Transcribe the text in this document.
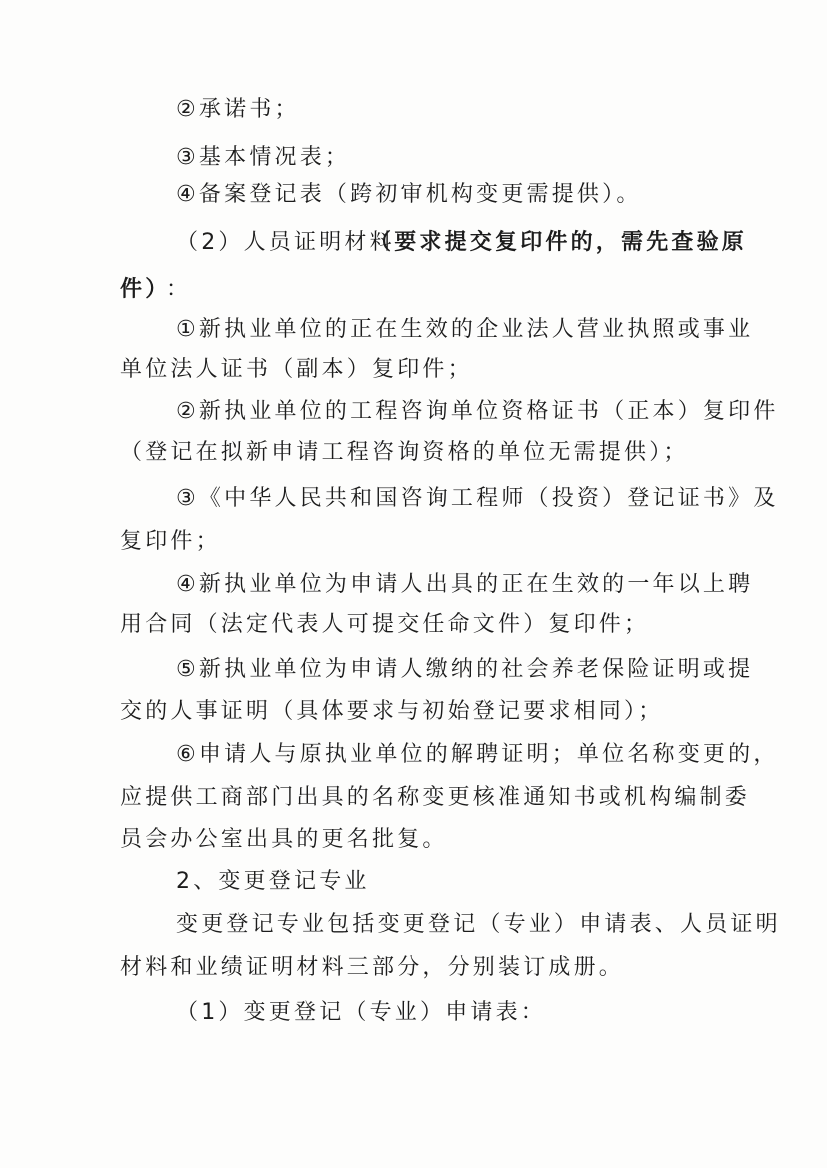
②承诺书；
③基本情况表；
④备案登记表（跨初审机构变更需提供）。
（2）人员证明材料
（要求提交复印件的，需先查验原
件）
：
①新执业单位的正在生效的企业法人营业执照或事业
单位法人证书（副本）复印件；
②新执业单位的工程咨询单位资格证书（正本）复印件
（登记在拟新申请工程咨询资格的单位无需提供）；
③《中华人民共和国咨询工程师（投资）登记证书》及
复印件；
④新执业单位为申请人出具的正在生效的一年以上聘
用合同（法定代表人可提交任命文件）复印件；
⑤新执业单位为申请人缴纳的社会养老保险证明或提
交的人事证明（具体要求与初始登记要求相同）；
⑥申请人与原执业单位的解聘证明；单位名称变更的，
应提供工商部门出具的名称变更核准通知书或机构编制委
员会办公室出具的更名批复。
2、变更登记专业
变更登记专业包括变更登记（专业）申请表、人员证明
材料和业绩证明材料三部分，分别装订成册。
（1）变更登记（专业）申请表：
